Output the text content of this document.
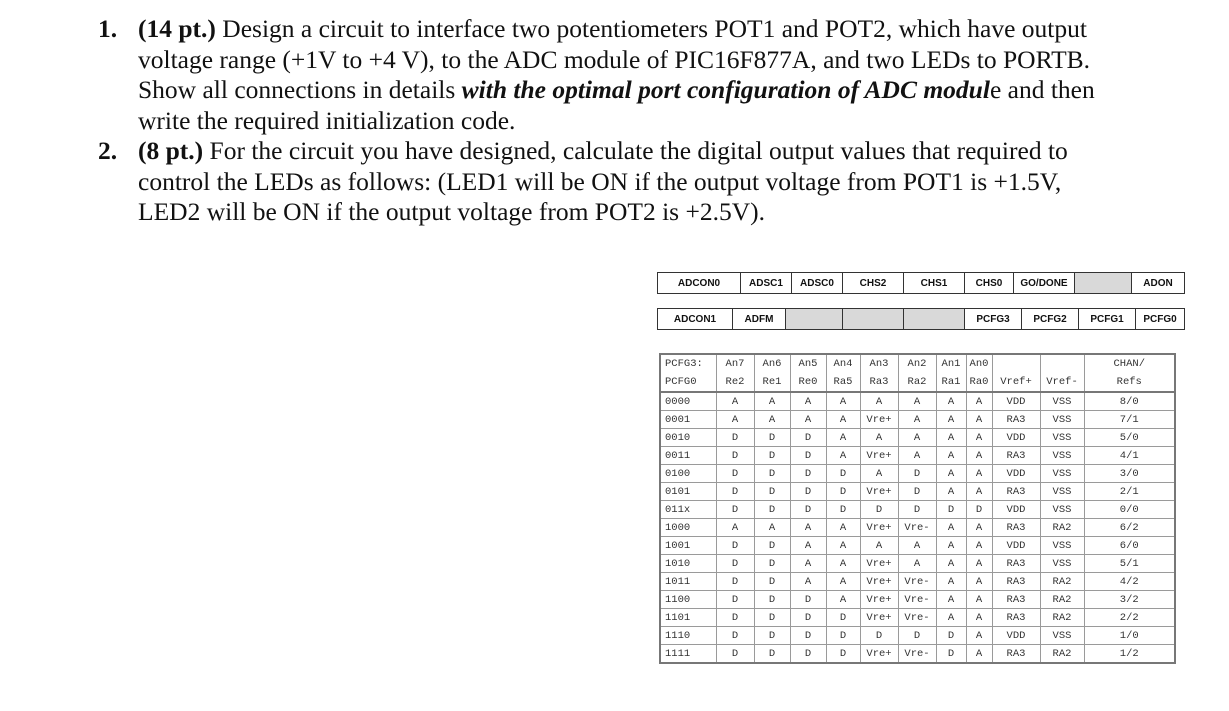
1. (14 pt.) Design a circuit to interface two potentiometers POT1 and POT2, which have output voltage range (+1V to +4 V), to the ADC module of PIC16F877A, and two LEDs to PORTB. Show all connections in details with the optimal port configuration of ADC module and then write the required initialization code.
2. (8 pt.) For the circuit you have designed, calculate the digital output values that required to control the LEDs as follows: (LED1 will be ON if the output voltage from POT1 is +1.5V, LED2 will be ON if the output voltage from POT2 is +2.5V).
ADCON0	ADSC1	ADSC0	CHS2	CHS1	CHS0	GO/DONE		ADON
ADCON1	ADFM				PCFG3	PCFG2	PCFG1	PCFG0
PCFG3:	An7	An6	An5	An4	An3	An2	An1	An0			CHAN/
PCFG0	Re2	Re1	Re0	Ra5	Ra3	Ra2	Ra1	Ra0	Vref+	Vref-	Refs
0000	A	A	A	A	A	A	A	A	VDD	VSS	8/0
0001	A	A	A	A	Vre+	A	A	A	RA3	VSS	7/1
0010	D	D	D	A	A	A	A	A	VDD	VSS	5/0
0011	D	D	D	A	Vre+	A	A	A	RA3	VSS	4/1
0100	D	D	D	D	A	D	A	A	VDD	VSS	3/0
0101	D	D	D	D	Vre+	D	A	A	RA3	VSS	2/1
011x	D	D	D	D	D	D	D	D	VDD	VSS	0/0
1000	A	A	A	A	Vre+	Vre-	A	A	RA3	RA2	6/2
1001	D	D	A	A	A	A	A	A	VDD	VSS	6/0
1010	D	D	A	A	Vre+	A	A	A	RA3	VSS	5/1
1011	D	D	A	A	Vre+	Vre-	A	A	RA3	RA2	4/2
1100	D	D	D	A	Vre+	Vre-	A	A	RA3	RA2	3/2
1101	D	D	D	D	Vre+	Vre-	A	A	RA3	RA2	2/2
1110	D	D	D	D	D	D	D	A	VDD	VSS	1/0
1111	D	D	D	D	Vre+	Vre-	D	A	RA3	RA2	1/2
